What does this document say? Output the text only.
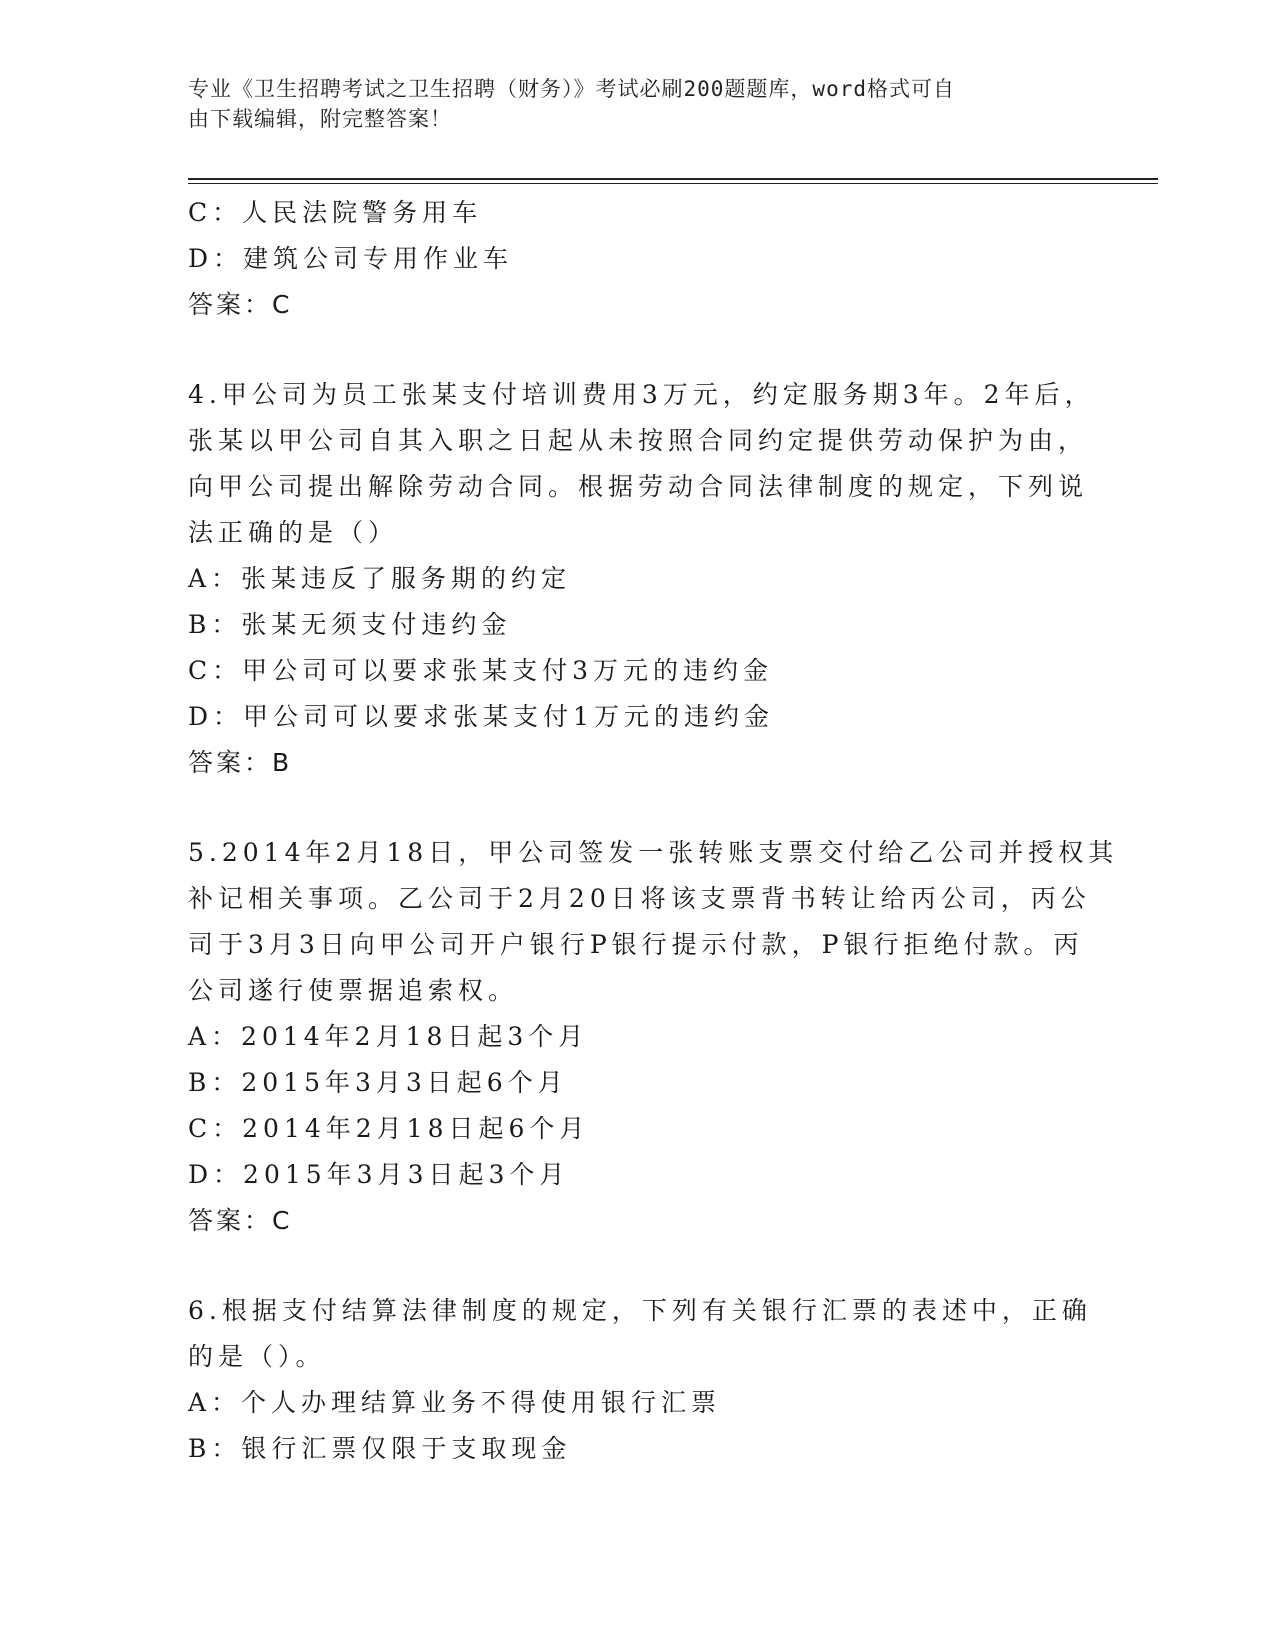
专业《卫生招聘考试之卫生招聘（财务）》考试必刷200题题库，word格式可自
由下载编辑，附完整答案！
C：人民法院警务用车
D：建筑公司专用作业车
答案：C
4.甲公司为员工张某支付培训费用3万元，约定服务期3年。2年后，
张某以甲公司自其入职之日起从未按照合同约定提供劳动保护为由，
向甲公司提出解除劳动合同。根据劳动合同法律制度的规定，下列说
法正确的是（）
A：张某违反了服务期的约定
B：张某无须支付违约金
C：甲公司可以要求张某支付3万元的违约金
D：甲公司可以要求张某支付1万元的违约金
答案：B
5.2014年2月18日，甲公司签发一张转账支票交付给乙公司并授权其
补记相关事项。乙公司于2月20日将该支票背书转让给丙公司，丙公
司于3月3日向甲公司开户银行P银行提示付款，P银行拒绝付款。丙
公司遂行使票据追索权。
A：2014年2月18日起3个月
B：2015年3月3日起6个月
C：2014年2月18日起6个月
D：2015年3月3日起3个月
答案：C
6.根据支付结算法律制度的规定，下列有关银行汇票的表述中，正确
的是（）。
A：个人办理结算业务不得使用银行汇票
B：银行汇票仅限于支取现金
